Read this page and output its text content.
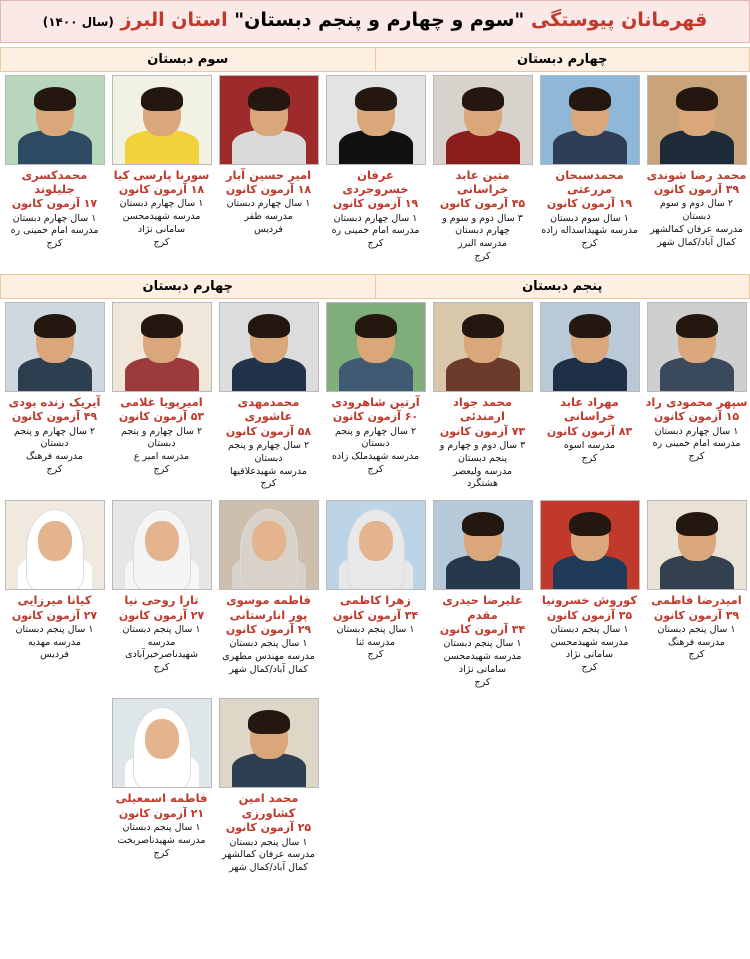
قهرمانان پیوستگی "سوم و چهارم و پنجم دبستان" استان البرز (سال ۱۴۰۰)
چهارم دبستان
سوم دبستان
محمد رضا شوندی
۳۹ آزمون کانون
۲ سال دوم و سوم دبستان
مدرسه عرفان کمالشهر
کمال آباد/کمال شهر
محمدسبحان مزرعتی
۱۹ آزمون کانون
۱ سال سوم دبستان
مدرسه شهیداسداله زاده
کرج
متین عابد خراسانی
۴۵ آزمون کانون
۳ سال دوم و سوم و چهارم دبستان
مدرسه البرز
کرج
عرفان خسروجردی
۱۹ آزمون کانون
۱ سال چهارم دبستان
مدرسه امام خمینی ره
کرج
امیر حسین آبار
۱۸ آزمون کانون
۱ سال چهارم دبستان
مدرسه ظفر
فردیس
سورنا پارسی کیا
۱۸ آزمون کانون
۱ سال چهارم دبستان
مدرسه شهیدمحسن سامانی نژاد
کرج
محمدکسری جلیلوند
۱۷ آزمون کانون
۱ سال چهارم دبستان
مدرسه امام خمینی ره
کرج
پنجم دبستان
چهارم دبستان
سپهر محمودی راد
۱۵ آزمون کانون
۱ سال چهارم دبستان
مدرسه امام خمینی ره
کرج
مهراد عابد خراسانی
۸۳ آزمون کانون
مدرسه اسوه
کرج
محمد جواد ارمندئی
۷۳ آزمون کانون
۳ سال دوم و چهارم و پنجم دبستان
مدرسه ولیعصر
هشتگرد
آرتین شاهرودی
۶۰ آزمون کانون
۲ سال چهارم و پنجم دبستان
مدرسه شهیدملک زاده
کرج
محمدمهدی عاشوری
۵۸ آزمون کانون
۲ سال چهارم و پنجم دبستان
مدرسه شهیدعلاقیها
کرج
امیرپویا غلامی
۵۳ آزمون کانون
۲ سال چهارم و پنجم دبستان
مدرسه امیر ع
کرج
آیریک زنده بودی
۴۹ آزمون کانون
۲ سال چهارم و پنجم دبستان
مدرسه فرهنگ
کرج
امیدرضا فاطمی
۳۹ آزمون کانون
۱ سال پنجم دبستان
مدرسه فرهنگ
کرج
کوروش خسرونیا
۳۵ آزمون کانون
۱ سال پنجم دبستان
مدرسه شهیدمحسن سامانی نژاد
کرج
علیرضا حیدری مقدم
۳۴ آزمون کانون
۱ سال پنجم دبستان
مدرسه شهیدمحسن سامانی نژاد
کرج
زهرا کاظمی
۳۴ آزمون کانون
۱ سال پنجم دبستان
مدرسه ثنا
کرج
فاطمه موسوی پور انارستانی
۲۹ آزمون کانون
۱ سال پنجم دبستان
مدرسه مهندس مطهری
کمال آباد/کمال شهر
تارا روحی نیا
۲۷ آزمون کانون
۱ سال پنجم دبستان
مدرسه شهیدناصرخیرآبادی
کرج
کیانا میرزایی
۲۷ آزمون کانون
۱ سال پنجم دبستان
مدرسه مهدیه
فردیس
محمد امین کشاورزی
۲۵ آزمون کانون
۱ سال پنجم دبستان
مدرسه عرفان کمالشهر
کمال آباد/کمال شهر
فاطمه اسمعیلی
۲۱ آزمون کانون
۱ سال پنجم دبستان
مدرسه شهیدناصربخت
کرج
